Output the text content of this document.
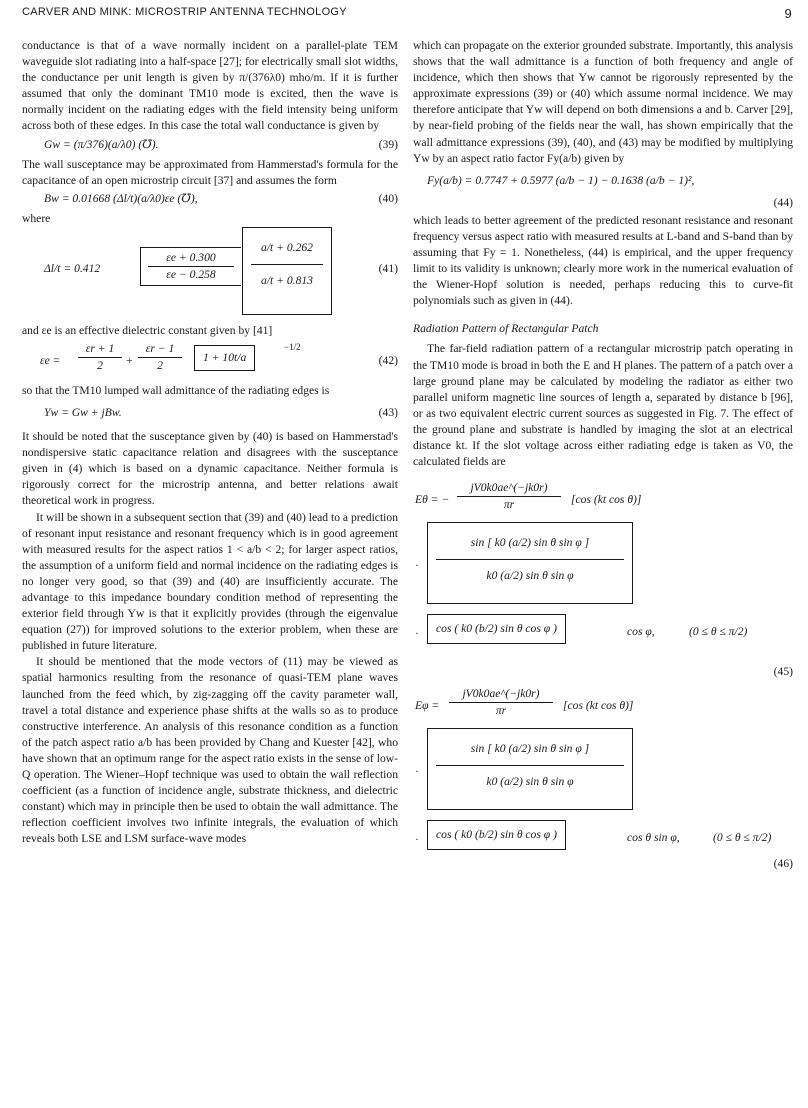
CARVER AND MINK: MICROSTRIP ANTENNA TECHNOLOGY	9

conductance is that of a wave normally incident on a parallel-plate TEM waveguide slot radiating into a half-space [27]; for electrically small slot widths, the conductance per unit length is given by π/(376λ0) mho/m. If it is further assumed that only the dominant TM10 mode is excited, then the wave is normally incident on the radiating edges with the field intensity being uniform across both of these edges. In this case the total wall conductance is given by

Gw = (π/376)(a/λ0) (℧).	(39)

The wall susceptance may be approximated from Hammerstad's formula for the capacitance of an open microstrip circuit [37] and assumes the form

Bw = 0.01668 (Δl/t)(a/λ0)εe (℧),	(40)

where

Δl/t = 0.412	$\frac{\varepsilon e + 0.300}{\varepsilon e - 0.258}$
a/t + 0.262
a/t + 0.813
(41)

and εe is an effective dielectric constant given by [41]

$\varepsilon e = \frac{\varepsilon r + 1}{2} + \frac{\varepsilon r - 1}{2}$	1 + 10t/a
−1/2
(42)

so that the TM10 lumped wall admittance of the radiating edges is

Yw = Gw + jBw.	(43)

It should be noted that the susceptance given by (40) is based on Hammerstad's nondispersive static capacitance relation and disagrees with the susceptance given in (4) which is based on a dynamic capacitance. Neither formula is rigorously correct for the microstrip antenna, and better relations await theoretical work in progress.

It will be shown in a subsequent section that (39) and (40) lead to a prediction of resonant input resistance and resonant frequency which is in good agreement with measured results for the aspect ratios 1 < a/b < 2; for larger aspect ratios, the assumption of a uniform field and normal incidence on the radiating edges is no longer very good, so that (39) and (40) are insufficiently accurate. The advantage to this impedance boundary condition method of representing the exterior field through Yw is that it explicitly provides (through the eigenvalue equation (27)) for improved solutions to the exterior problem, when these are published in future literature.

It should be mentioned that the mode vectors of (11) may be viewed as spatial harmonics resulting from the resonance of quasi-TEM plane waves launched from the feed which, by zig-zagging off the cavity parameter wall, travel a total distance and experience phase shifts at the walls so as to produce constructive interference. An analysis of this resonance condition as a function of the patch aspect ratio a/b has been provided by Chang and Kuester [42], who have shown that an optimum range for the aspect ratio exists in the sense of low-Q operation. The Wiener–Hopf technique was used to obtain the wall reflection coefficient (as a function of incidence angle, substrate thickness, and dielectric constant) which may in principle then be used to obtain the wall admittance. The reflection coefficient involves two infinite integrals, the evaluation of which reveals both LSE and LSM surface-wave modes

which can propagate on the exterior grounded substrate. Importantly, this analysis shows that the wall admittance is a function of both frequency and angle of incidence, which then shows that Yw cannot be rigorously represented by the approximate expressions (39) or (40) which assume normal incidence. We may therefore anticipate that Yw will depend on both dimensions a and b. Carver [29], by near-field probing of the fields near the wall, has shown empirically that the wall admittance expressions (39), (40), and (43) may be modified by multiplying Yw by an aspect ratio factor Fy(a/b) given by

Fy(a/b) = 0.7747 + 0.5977 (a/b − 1) − 0.1638 (a/b − 1)²,
(44)

which leads to better agreement of the predicted resonant resistance and resonant frequency versus aspect ratio with measured results at L-band and S-band than by assuming that Fy = 1. Nonetheless, (44) is empirical, and the upper frequency limit to its validity is unknown; clearly more work in the numerical evaluation of the Wiener-Hopf solution is needed, perhaps reducing this to curve-fit polynomials such as given in (44).

Radiation Pattern of Rectangular Patch

The far-field radiation pattern of a rectangular microstrip patch operating in the TM10 mode is broad in both the E and H planes. The pattern of a patch over a large ground plane may be calculated by modeling the radiator as either two parallel uniform magnetic line sources of length a, separated by distance b [96], or as two equivalent electric current sources as suggested in Fig. 7. The effect of the ground plane and substrate is handled by imaging the slot at an electrical distance kt. If the slot voltage across either radiating edge is taken as V0, the calculated fields are

Eθ = − $\frac{jV0k0ae\^{}(-jk0r)}{\pi r} [\cos$ (kt cos θ)]
·
sin [ k0 (a/2) sin θ sin φ ]
k0 (a/2) sin θ sin φ
·	cos ( k0 (b/2) sin θ cos φ )	cos φ,	(0 ≤ θ ≤ π/2)
(45)
$E\varphi = \frac{jV0k0ae\^{}(-jk0r)}{\pi r} [\cos$ (kt cos θ)]
·
sin [ k0 (a/2) sin θ sin φ ]
k0 (a/2) sin θ sin φ
·	cos ( k0 (b/2) sin θ cos φ )	cos θ sin φ,	(0 ≤ θ ≤ π/2)
(46)
